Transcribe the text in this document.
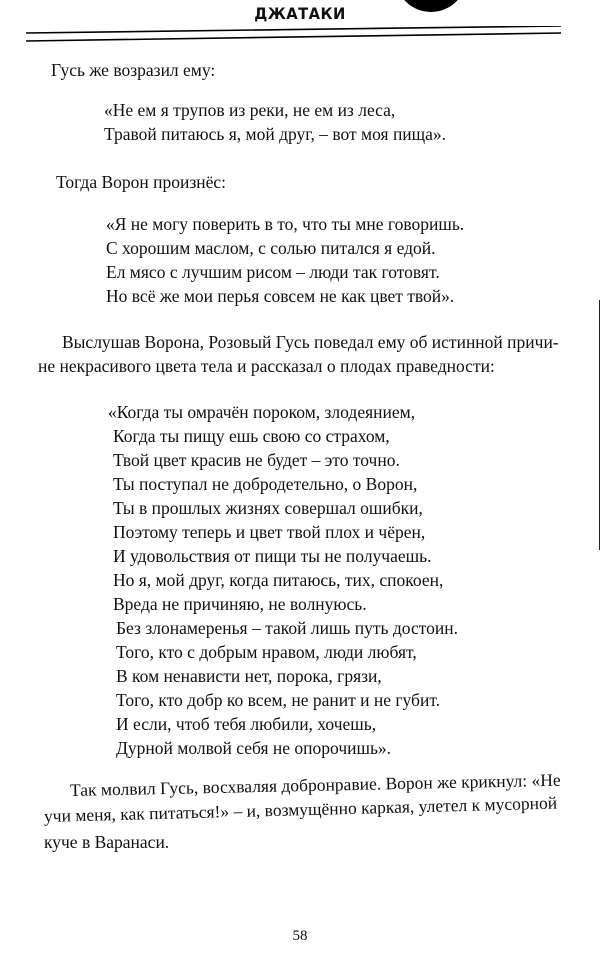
ДЖАТАКИ
Гусь же возразил ему:
«Не ем я трупов из реки, не ем из леса,
Травой питаюсь я, мой друг, – вот моя пища».
Тогда Ворон произнёс:
«Я не могу поверить в то, что ты мне говоришь.
С хорошим маслом, с солью питался я едой.
Ел мясо с лучшим рисом – люди так готовят.
Но всё же мои перья совсем не как цвет твой».
Выслушав Ворона, Розовый Гусь поведал ему об истинной причи-
не некрасивого цвета тела и рассказал о плодах праведности:
«Когда ты омрачён пороком, злодеянием,
Когда ты пищу ешь свою со страхом,
Твой цвет красив не будет – это точно.
Ты поступал не добродетельно, о Ворон,
Ты в прошлых жизнях совершал ошибки,
Поэтому теперь и цвет твой плох и чёрен,
И удовольствия от пищи ты не получаешь.
Но я, мой друг, когда питаюсь, тих, спокоен,
Вреда не причиняю, не волнуюсь.
Без злонамеренья – такой лишь путь достоин.
Того, кто с добрым нравом, люди любят,
В ком ненависти нет, порока, грязи,
Того, кто добр ко всем, не ранит и не губит.
И если, чтоб тебя любили, хочешь,
Дурной молвой себя не опорочишь».
Так молвил Гусь, восхваляя добронравие. Ворон же крикнул: «Не
учи меня, как питаться!» – и, возмущённо каркая, улетел к мусорной
куче в Варанаси.
58
